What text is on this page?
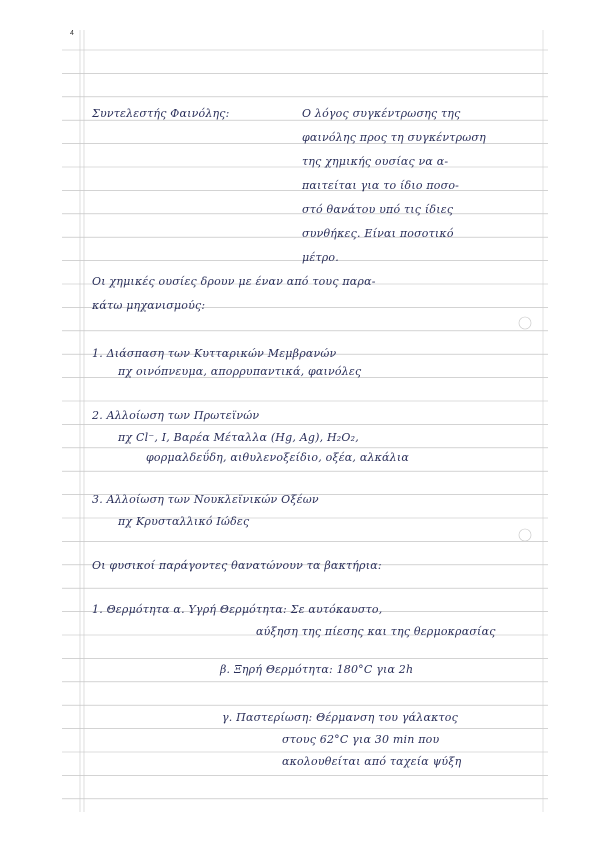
4
Συντελεστής Φαινόλης:	Ο λόγος συγκέντρωσης της
φαινόλης προς τη συγκέντρωση
της χημικής ουσίας να α-
παιτείται για το ίδιο ποσο-
στό θανάτου υπό τις ίδιες
συνθήκες. Είναι ποσοτικό
μέτρο.
Οι χημικές ουσίες δρουν με έναν από τους παρα-
κάτω μηχανισμούς:
1. Διάσπαση των Κυτταρικών Μεμβρανών
πχ οινόπνευμα, απορρυπαντικά, φαινόλες
2. Αλλοίωση των Πρωτεϊνών
πχ Cl⁻, I, Βαρέα Μέταλλα (Hg, Ag), H₂O₂,
φορμαλδεΰδη, αιθυλενοξείδιο, οξέα, αλκάλια
3. Αλλοίωση των Νουκλεϊνικών Οξέων
πχ Κρυσταλλικό Ιώδες
Οι φυσικοί παράγοντες θανατώνουν τα βακτήρια:
1. Θερμότητα α. Υγρή Θερμότητα: Σε αυτόκαυστο,
αύξηση της πίεσης και της θερμοκρασίας
β. Ξηρή Θερμότητα: 180°C για 2h
γ. Παστερίωση: Θέρμανση του γάλακτος
στους 62°C για 30 min που
ακολουθείται από ταχεία ψύξη
